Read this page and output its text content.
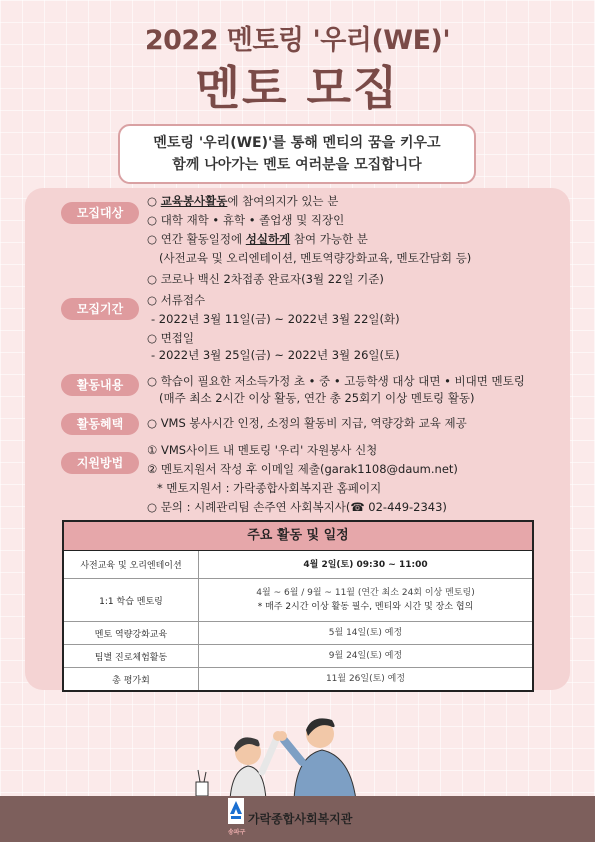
2022 멘토링 '우리(WE)'
멘토 모집
멘토링 '우리(WE)'를 통해 멘티의 꿈을 키우고
함께 나아가는 멘토 여러분을 모집합니다
모집대상
○ 교육봉사활동에 참여의지가 있는 분
○ 대학 재학 • 휴학 • 졸업생 및 직장인
○ 연간 활동일정에 성실하게 참여 가능한 분
(사전교육 및 오리엔테이션, 멘토역량강화교육, 멘토간담회 등)
○ 코로나 백신 2차접종 완료자(3월 22일 기준)
모집기간
○ 서류접수
- 2022년 3월 11일(금) ~ 2022년 3월 22일(화)
○ 면접일
- 2022년 3월 25일(금) ~ 2022년 3월 26일(토)
활동내용	○ 학습이 필요한 저소득가정 초 • 중 • 고등학생 대상 대면 • 비대면 멘토링
(매주 최소 2시간 이상 활동, 연간 총 25회기 이상 멘토링 활동)
활동혜택	○ VMS 봉사시간 인정, 소정의 활동비 지급, 역량강화 교육 제공
지원방법
① VMS사이트 내 멘토링 '우리' 자원봉사 신청
② 멘토지원서 작성 후 이메일 제출(garak1108@daum.net)
* 멘토지원서 : 가락종합사회복지관 홈페이지
○ 문의 : 시례관리팀 손주연 사회복지사(☎ 02-449-2343)
주요 활동 및 일정
사전교육 및 오리엔테이션	4월 2일(토) 09:30 ~ 11:00
1:1 학습 멘토링
4월 ~ 6월 / 9월 ~ 11월 (연간 최소 24회 이상 멘토링)
* 매주 2시간 이상 활동 필수, 멘티와 시간 및 장소 협의
멘토 역량강화교육	5월 14일(토) 예정
팀별 진로체험활동	9월 24일(토) 예정
총 평가회	11월 26일(토) 예정
가락종합사회복지관
송파구
